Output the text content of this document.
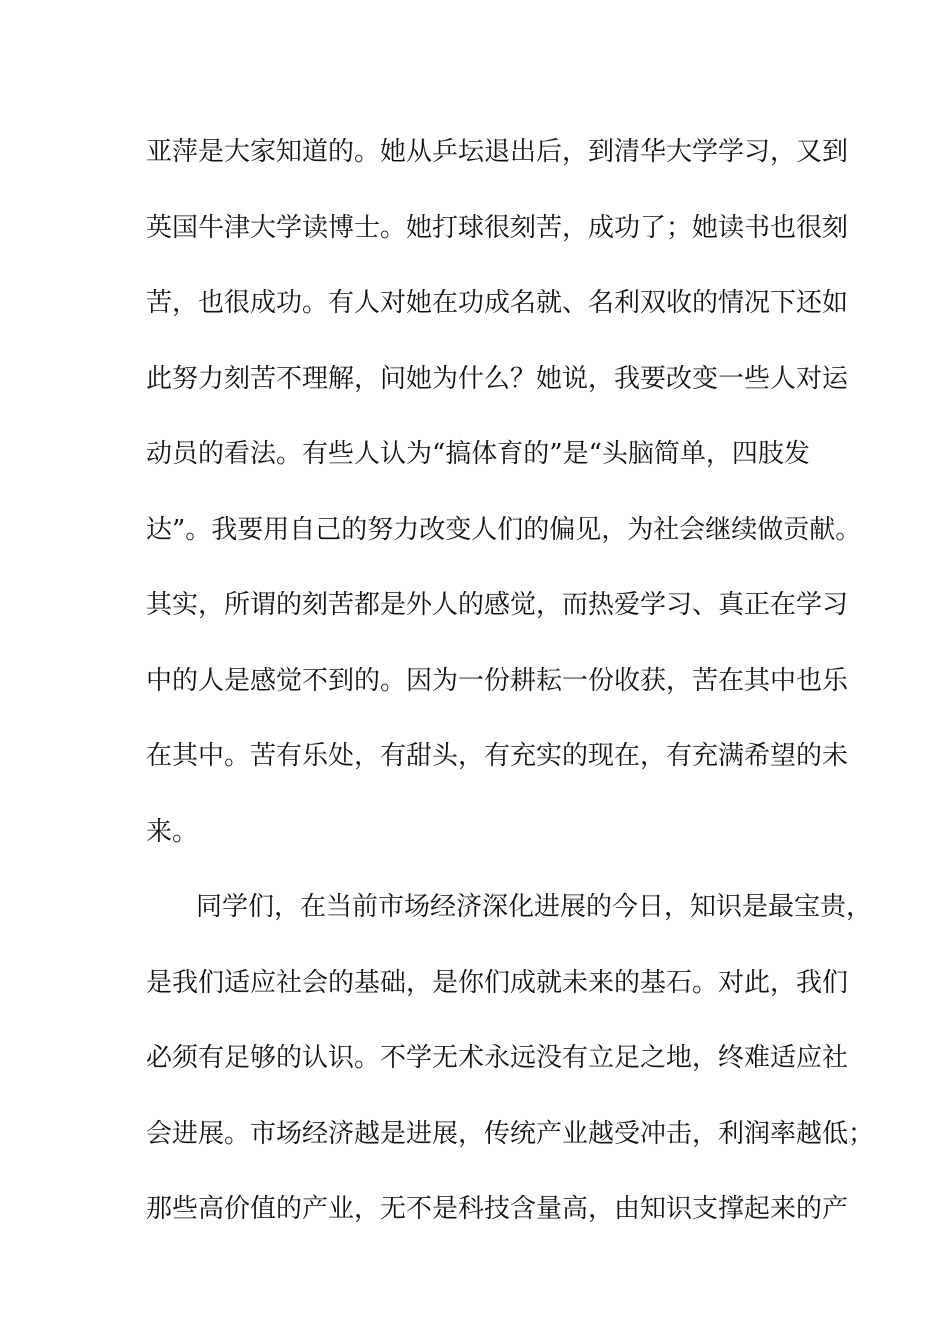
亚萍是大家知道的。她从乒坛退出后，到清华大学学习，又到
英国牛津大学读博士。她打球很刻苦，成功了；她读书也很刻
苦，也很成功。有人对她在功成名就、名利双收的情况下还如
此努力刻苦不理解，问她为什么？她说，我要改变一些人对运
动员的看法。有些人认为“搞体育的”是“头脑简单，四肢发
达”。我要用自己的努力改变人们的偏见，为社会继续做贡献。
其实，所谓的刻苦都是外人的感觉，而热爱学习、真正在学习
中的人是感觉不到的。因为一份耕耘一份收获，苦在其中也乐
在其中。苦有乐处，有甜头，有充实的现在，有充满希望的未
来。
同学们，在当前市场经济深化进展的今日，知识是最宝贵，
是我们适应社会的基础，是你们成就未来的基石。对此，我们
必须有足够的认识。不学无术永远没有立足之地，终难适应社
会进展。市场经济越是进展，传统产业越受冲击，利润率越低；
那些高价值的产业，无不是科技含量高，由知识支撑起来的产
